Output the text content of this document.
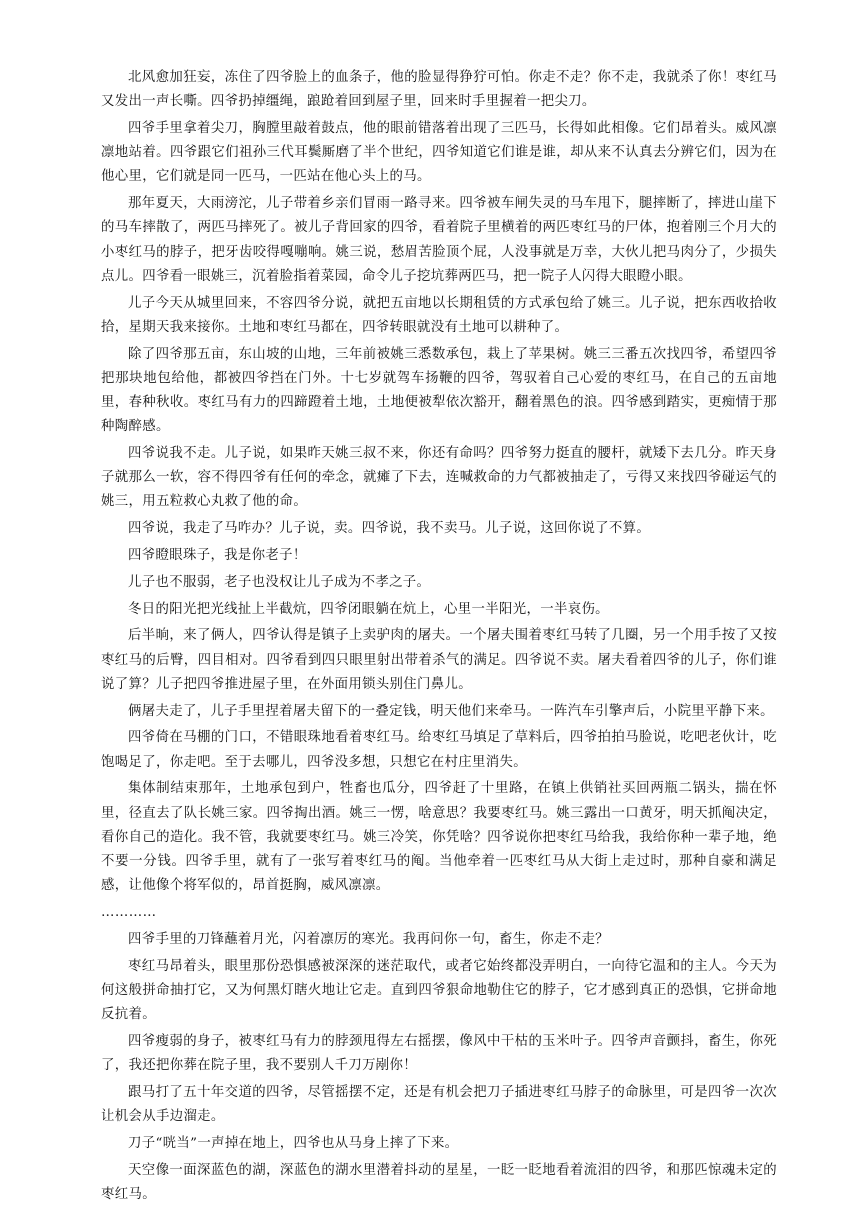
北风愈加狂妄，冻住了四爷脸上的血条子，他的脸显得狰狞可怕。你走不走？你不走，我就杀了你！枣红马又发出一声长嘶。四爷扔掉缰绳，踉跄着回到屋子里，回来时手里握着一把尖刀。

四爷手里拿着尖刀，胸膛里敲着鼓点，他的眼前错落着出现了三匹马，长得如此相像。它们昂着头。威风凛凛地站着。四爷跟它们祖孙三代耳鬓厮磨了半个世纪，四爷知道它们谁是谁，却从来不认真去分辨它们，因为在他心里，它们就是同一匹马，一匹站在他心头上的马。

那年夏天，大雨滂沱，儿子带着乡亲们冒雨一路寻来。四爷被车闸失灵的马车甩下，腿摔断了，摔进山崖下的马车摔散了，两匹马摔死了。被儿子背回家的四爷，看着院子里横着的两匹枣红马的尸体，抱着刚三个月大的小枣红马的脖子，把牙齿咬得嘎嘣响。姚三说，愁眉苦脸顶个屁，人没事就是万幸，大伙儿把马肉分了，少损失点儿。四爷看一眼姚三，沉着脸指着菜园，命令儿子挖坑葬两匹马，把一院子人闪得大眼瞪小眼。

儿子今天从城里回来，不容四爷分说，就把五亩地以长期租赁的方式承包给了姚三。儿子说，把东西收拾收拾，星期天我来接你。土地和枣红马都在，四爷转眼就没有土地可以耕种了。

除了四爷那五亩，东山坡的山地，三年前被姚三悉数承包，栽上了苹果树。姚三三番五次找四爷，希望四爷把那块地包给他，都被四爷挡在门外。十七岁就驾车扬鞭的四爷，驾驭着自己心爱的枣红马，在自己的五亩地里，春种秋收。枣红马有力的四蹄蹬着土地，土地便被犁依次豁开，翻着黑色的浪。四爷感到踏实，更痴情于那种陶醉感。

四爷说我不走。儿子说，如果昨天姚三叔不来，你还有命吗？四爷努力挺直的腰杆，就矮下去几分。昨天身子就那么一软，容不得四爷有任何的牵念，就瘫了下去，连喊救命的力气都被抽走了，亏得又来找四爷碰运气的姚三，用五粒救心丸救了他的命。

四爷说，我走了马咋办？儿子说，卖。四爷说，我不卖马。儿子说，这回你说了不算。

四爷瞪眼珠子，我是你老子！

儿子也不服弱，老子也没权让儿子成为不孝之子。

冬日的阳光把光线扯上半截炕，四爷闭眼躺在炕上，心里一半阳光，一半哀伤。

后半晌，来了俩人，四爷认得是镇子上卖驴肉的屠夫。一个屠夫围着枣红马转了几圈，另一个用手按了又按枣红马的后臀，四目相对。四爷看到四只眼里射出带着杀气的满足。四爷说不卖。屠夫看着四爷的儿子，你们谁说了算？儿子把四爷推进屋子里，在外面用锁头别住门鼻儿。

俩屠夫走了，儿子手里捏着屠夫留下的一叠定钱，明天他们来牵马。一阵汽车引擎声后，小院里平静下来。

四爷倚在马棚的门口，不错眼珠地看着枣红马。给枣红马填足了草料后，四爷拍拍马脸说，吃吧老伙计，吃饱喝足了，你走吧。至于去哪儿，四爷没多想，只想它在村庄里消失。

集体制结束那年，土地承包到户，牲畜也瓜分，四爷赶了十里路，在镇上供销社买回两瓶二锅头，揣在怀里，径直去了队长姚三家。四爷掏出酒。姚三一愣，啥意思？我要枣红马。姚三露出一口黄牙，明天抓阄决定，看你自己的造化。我不管，我就要枣红马。姚三冷笑，你凭啥？四爷说你把枣红马给我，我给你种一辈子地，绝不要一分钱。四爷手里，就有了一张写着枣红马的阄。当他牵着一匹枣红马从大街上走过时，那种自豪和满足感，让他像个将军似的，昂首挺胸，威风凛凛。

…………

四爷手里的刀锋蘸着月光，闪着凛厉的寒光。我再问你一句，畜生，你走不走？

枣红马昂着头，眼里那份恐惧感被深深的迷茫取代，或者它始终都没弄明白，一向待它温和的主人。今天为何这般拼命抽打它，又为何黑灯瞎火地让它走。直到四爷狠命地勒住它的脖子，它才感到真正的恐惧，它拼命地反抗着。

四爷瘦弱的身子，被枣红马有力的脖颈甩得左右摇摆，像风中干枯的玉米叶子。四爷声音颤抖，畜生，你死了，我还把你葬在院子里，我不要别人千刀万剐你！

跟马打了五十年交道的四爷，尽管摇摆不定，还是有机会把刀子插进枣红马脖子的命脉里，可是四爷一次次让机会从手边溜走。

刀子“咣当”一声掉在地上，四爷也从马身上摔了下来。

天空像一面深蓝色的湖，深蓝色的湖水里潜着抖动的星星，一眨一眨地看着流泪的四爷，和那匹惊魂未定的枣红马。
